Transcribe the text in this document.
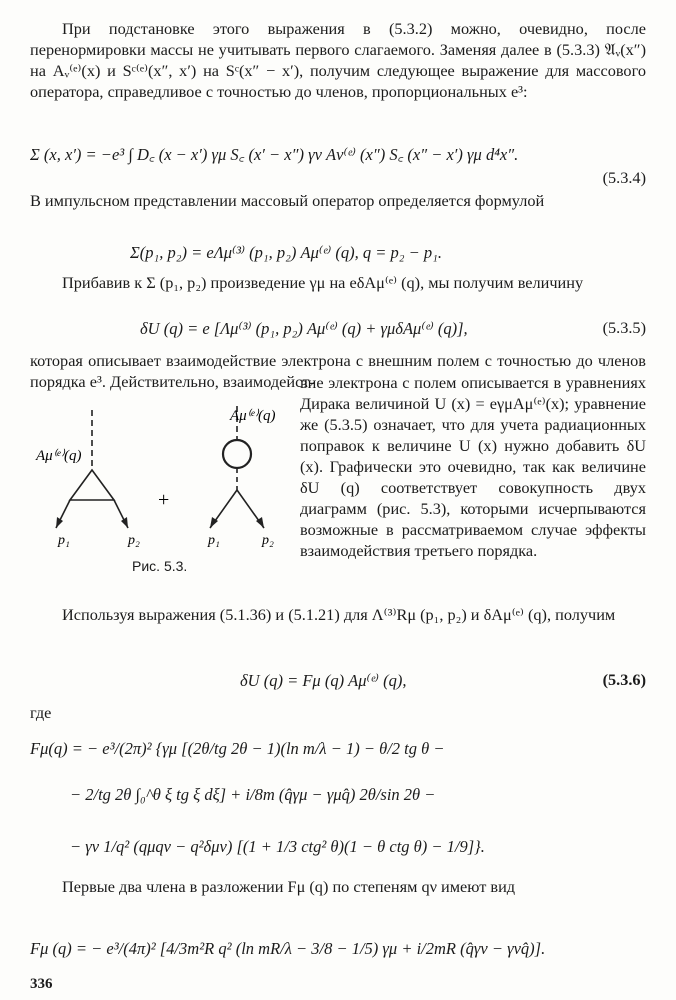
При подстановке этого выражения в (5.3.2) можно, очевидно, после перенормировки массы не учитывать первого слагаемого. Заменяя далее в (5.3.3) 𝔄ᵥ(x″) на Aᵥ⁽ᵉ⁾(x) и Sᶜ⁽ᵉ⁾(x″, x′) на Sᶜ(x″ − x′), получим следующее выражение для массового оператора, справедливое с точностью до членов, пропорциональных e³:
Σ (x, x′) = −e³ ∫ D꜀ (x − x′) γμ S꜀ (x′ − x″) γν Aν⁽ᵉ⁾ (x″) S꜀ (x″ − x′) γμ d⁴x″.
(5.3.4)
В импульсном представлении массовый оператор определяется формулой
Σ(p₁, p₂) = eΛμ⁽³⁾ (p₁, p₂) Aμ⁽ᵉ⁾ (q), q = p₂ − p₁.
Прибавив к Σ (p₁, p₂) произведение γμ на eδAμ⁽ᵉ⁾ (q), мы получим величину
δU (q) = e [Λμ⁽³⁾ (p₁, p₂) Aμ⁽ᵉ⁾ (q) + γμδAμ⁽ᵉ⁾ (q)],	(5.3.5)
которая описывает взаимодействие электрона с внешним полем с точностью до членов порядка e³. Действительно, взаимодейст-
Aμ⁽ᵉ⁾(q)
p₁	p₂
+
Aμ⁽ᵉ⁾(q)
p₁	p₂
Рис. 5.3.
вие электрона с полем описывается в уравнениях Дирака величиной U (x) = eγμAμ⁽ᵉ⁾(x); уравнение же (5.3.5) означает, что для учета радиационных поправок к величине U (x) нужно добавить δU (x). Графически это очевидно, так как величине δU (q) соответствует совокупность двух диаграмм (рис. 5.3), которыми исчерпываются возможные в рассматриваемом случае эффекты взаимодействия третьего порядка.
Используя выражения (5.1.36) и (5.1.21) для Λ⁽³⁾Rμ (p₁, p₂) и δAμ⁽ᵉ⁾ (q), получим
δU (q) = Fμ (q) Aμ⁽ᵉ⁾ (q),	(5.3.6)
где
Fμ(q) = − e³/(2π)² {γμ [(2θ/tg 2θ − 1)(ln m/λ − 1) − θ/2 tg θ −
− 2/tg 2θ ∫₀^θ ξ tg ξ dξ] + i/8m (q̂γμ − γμq̂) 2θ/sin 2θ −
− γν 1/q² (qμqν − q²δμν) [(1 + 1/3 ctg² θ)(1 − θ ctg θ) − 1/9]}.
Первые два члена в разложении Fμ (q) по степеням qν имеют вид
Fμ (q) = − e³/(4π)² [4/3m²R q² (ln mR/λ − 3/8 − 1/5) γμ + i/2mR (q̂γν − γνq̂)].
336
